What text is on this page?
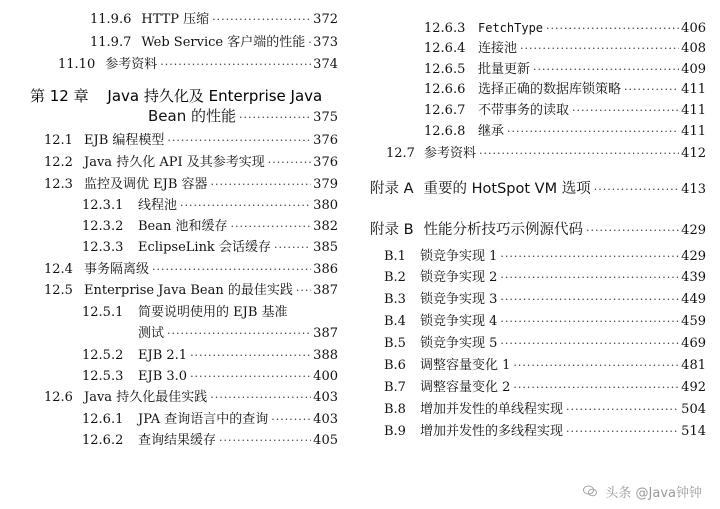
11.9.6 HTTP 压缩 ·····	372
11.9.7 Web Service 客户端的性能 ····· 373
11.10 参考资料 ·····	374
第 12 章 Java 持久化及 Enterprise Java
Bean 的性能 ·····	375
12.1 EJB 编程模型 ·····	376
12.2 Java 持久化 API 及其参考实现 ·····	376
12.3 监控及调优 EJB 容器 ·····	379
12.3.1	线程池 ·····	380
12.3.2	Bean 池和缓存 ·····	382
12.3.3	EclipseLink 会话缓存 ·····	385
12.4 事务隔离级 ·····	386
12.5 Enterprise Java Bean 的最佳实践 ····· 387
12.5.1	简要说明使用的 EJB 基准
测试 ·····	387
12.5.2	EJB 2.1 ·····	388
12.5.3	EJB 3.0 ·····	400
12.6 Java 持久化最佳实践 ·····	403
12.6.1	JPA 查询语言中的查询 ·····	403
12.6.2	查询结果缓存 ·····	405
12.6.3	FetchType ·····	406
12.6.4 连接池 ·····	408
12.6.5 批量更新 ·····	409
12.6.6 选择正确的数据库锁策略 ·····	411
12.6.7 不带事务的读取 ·····	411
12.6.8 继承 ·····	411
12.7 参考资料 ·····	412
附录 A 重要的 HotSpot VM 选项 ·····	413
附录 B 性能分析技巧示例源代码 ·····	429
B.1	锁竞争实现 1 ·····	429
B.2	锁竞争实现 2 ·····	439
B.3	锁竞争实现 3 ·····	449
B.4	锁竞争实现 4 ·····	459
B.5	锁竞争实现 5 ·····	469
B.6	调整容量变化 1 ·····	481
B.7	调整容量变化 2 ·····	492
B.8	增加并发性的单线程实现 ·····	504
B.9	增加并发性的多线程实现 ·····	514
头条 @Java钟钟
